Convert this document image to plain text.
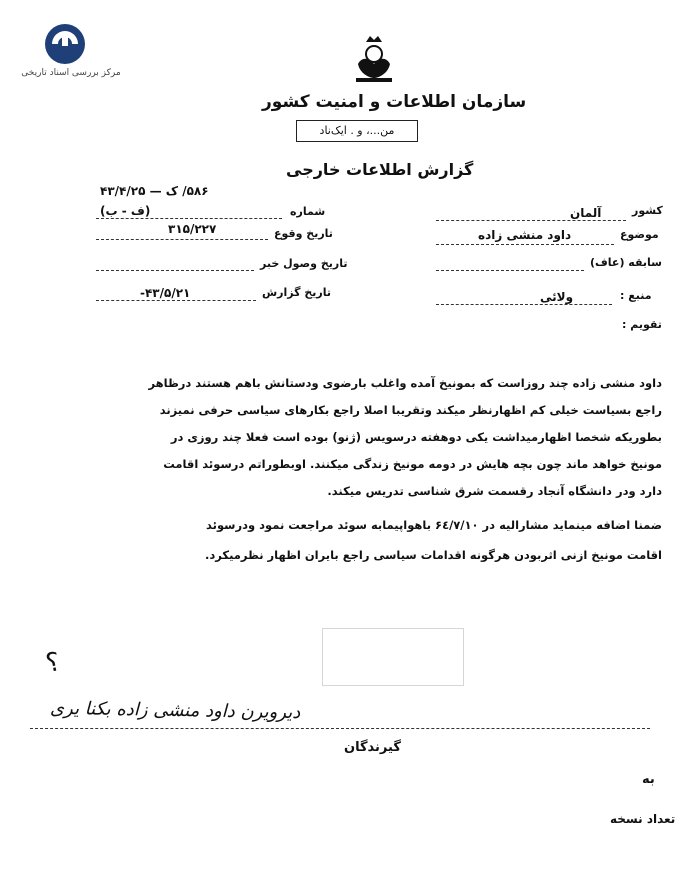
مرکز بررسی اسناد تاریخی
سازمان اطلاعات و امنیت کشور
من‌...، و . ایک‌ناد
گزارش اطلاعات خارجی
شماره
۵۸۶/ ک — ۴۳/۴/۲۵
(ف - ب)
تاریخ وقوع
۳۱۵/۲۲۷
تاریخ وصول خبر
تاریخ گزارش
۴۳/۵/۲۱-
کشور
آلمان
موضوع
داود منشی زاده
سابقه (عاف)
منبع :
ولائی
تقویم :
داود منشی زاده چند روزاست که بمونیخ آمده واغلب بارضوی ودستانش باهم هستند درظاهر
راجع بسیاست خیلی کم اظهارنظر میکند وتقریبا اصلا راجع بکارهای سیاسی حرفی نمیزند
بطوریکه شخصا اظهارمیداشت یکی دوهفته درسویس (ژنو) بوده است فعلا چند روزی در
مونیخ خواهد ماند چون بچه هایش در دومه مونیخ زندگی میکنند. اوبطوراتم درسوئد اقامت
دارد ودر دانشگاه آنجاد رقسمت شرق شناسی تدریس میکند.
ضمنا اضافه مینماید مشارالیه در ۶٤/٧/١٠ باهواپیمابه سوئد مراجعت نمود ودرسوئد
اقامت مونیخ ازنی اثربودن هرگونه اقدامات سیاسی راجع بایران اظهار نظرمیکرد.
؟
دیرو‌یرن داود منشی زاده بکنا یری
گیرندگان
به
تعداد نسخه
